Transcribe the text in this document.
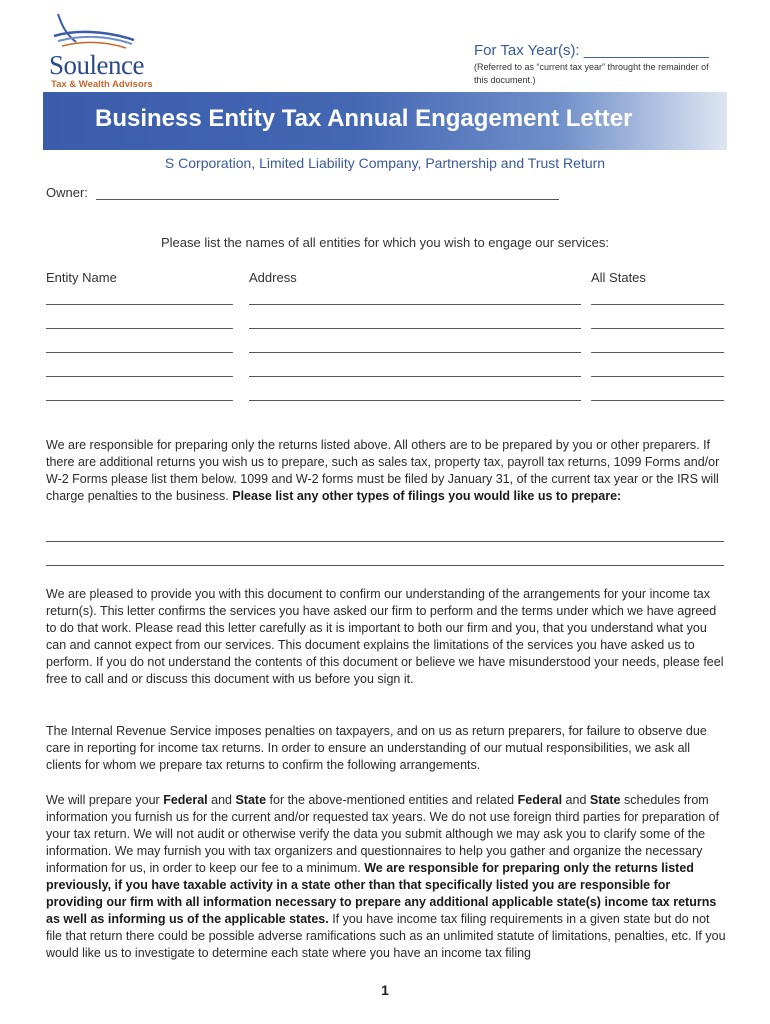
Soulence
Tax & Wealth Advisors
For Tax Year(s): _______________
(Referred to as “current tax year” throught the remainder of this document.)
Business Entity Tax Annual Engagement Letter
S Corporation, Limited Liability Company, Partnership and Trust Return
Owner:
Please list the names of all entities for which you wish to engage our services:
Entity Name	Address	All States

We are responsible for preparing only the returns listed above. All others are to be prepared by you or other preparers. If there are additional returns you wish us to prepare, such as sales tax, property tax, payroll tax returns, 1099 Forms and/or W-2 Forms please list them below. 1099 and W-2 forms must be filed by January 31, of the current tax year or the IRS will charge penalties to the business. Please list any other types of filings you would like us to prepare:

We are pleased to provide you with this document to confirm our understanding of the arrangements for your income tax return(s). This letter confirms the services you have asked our firm to perform and the terms under which we have agreed to do that work. Please read this letter carefully as it is important to both our firm and you, that you understand what you can and cannot expect from our services. This document explains the limitations of the services you have asked us to perform. If you do not understand the contents of this document or believe we have misunderstood your needs, please feel free to call and or discuss this document with us before you sign it.

The Internal Revenue Service imposes penalties on taxpayers, and on us as return preparers, for failure to observe due care in reporting for income tax returns. In order to ensure an understanding of our mutual responsibilities, we ask all clients for whom we prepare tax returns to confirm the following arrangements.

We will prepare your Federal and State for the above-mentioned entities and related Federal and State schedules from information you furnish us for the current and/or requested tax years. We do not use foreign third parties for preparation of your tax return. We will not audit or otherwise verify the data you submit although we may ask you to clarify some of the information. We may furnish you with tax organizers and questionnaires to help you gather and organize the necessary information for us, in order to keep our fee to a minimum. We are responsible for preparing only the returns listed previously, if you have taxable activity in a state other than that specifically listed you are responsible for providing our firm with all information necessary to prepare any additional applicable state(s) income tax returns as well as informing us of the applicable states. If you have income tax filing requirements in a given state but do not file that return there could be possible adverse ramifications such as an unlimited statute of limitations, penalties, etc. If you would like us to investigate to determine each state where you have an income tax filing

1
